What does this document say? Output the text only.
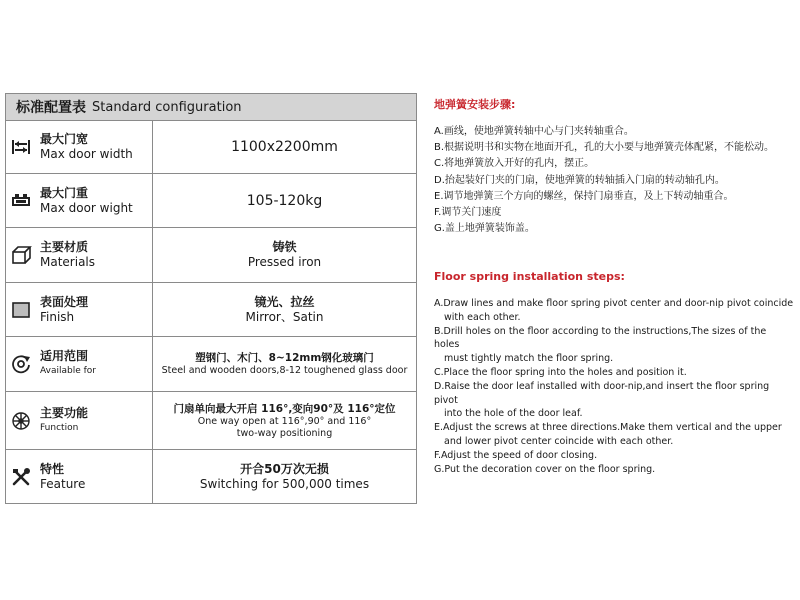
标准配置表 Standard configuration
最大门宽
Max door width	1100x2200mm
最大门重
Max door wight	105-120kg
主要材质
Materials
铸铁
Pressed iron
表面处理
Finish
镜光、拉丝
Mirror、Satin
适用范围
Available for
塑钢门、木门、8~12mm钢化玻璃门
Steel and wooden doors,8-12 toughened glass door
主要功能
Function
门扇单向最大开启 116°,变向90°及 116°定位
One way open at 116°,90° and 116°
two-way positioning
特性
Feature
开合50万次无损
Switching for 500,000 times
地弹簧安装步骤:
A.画线，使地弹簧转轴中心与门夹转轴重合。
B.根据说明书和实物在地面开孔，孔的大小要与地弹簧壳体配紧，不能松动。
C.将地弹簧放入开好的孔内，摆正。
D.抬起装好门夹的门扇，使地弹簧的转轴插入门扇的转动轴孔内。
E.调节地弹簧三个方向的螺丝，保持门扇垂直，及上下转动轴重合。
F.调节关门速度
G.盖上地弹簧装饰盖。
Floor spring installation steps:
A.Draw lines and make floor spring pivot center and door-nip pivot coincide
with each other.
B.Drill holes on the floor according to the instructions,The sizes of the holes
must tightly match the floor spring.
C.Place the floor spring into the holes and position it.
D.Raise the door leaf installed with door-nip,and insert the floor spring pivot
into the hole of the door leaf.
E.Adjust the screws at three directions.Make them vertical and the upper
and lower pivot center coincide with each other.
F.Adjust the speed of door closing.
G.Put the decoration cover on the floor spring.
